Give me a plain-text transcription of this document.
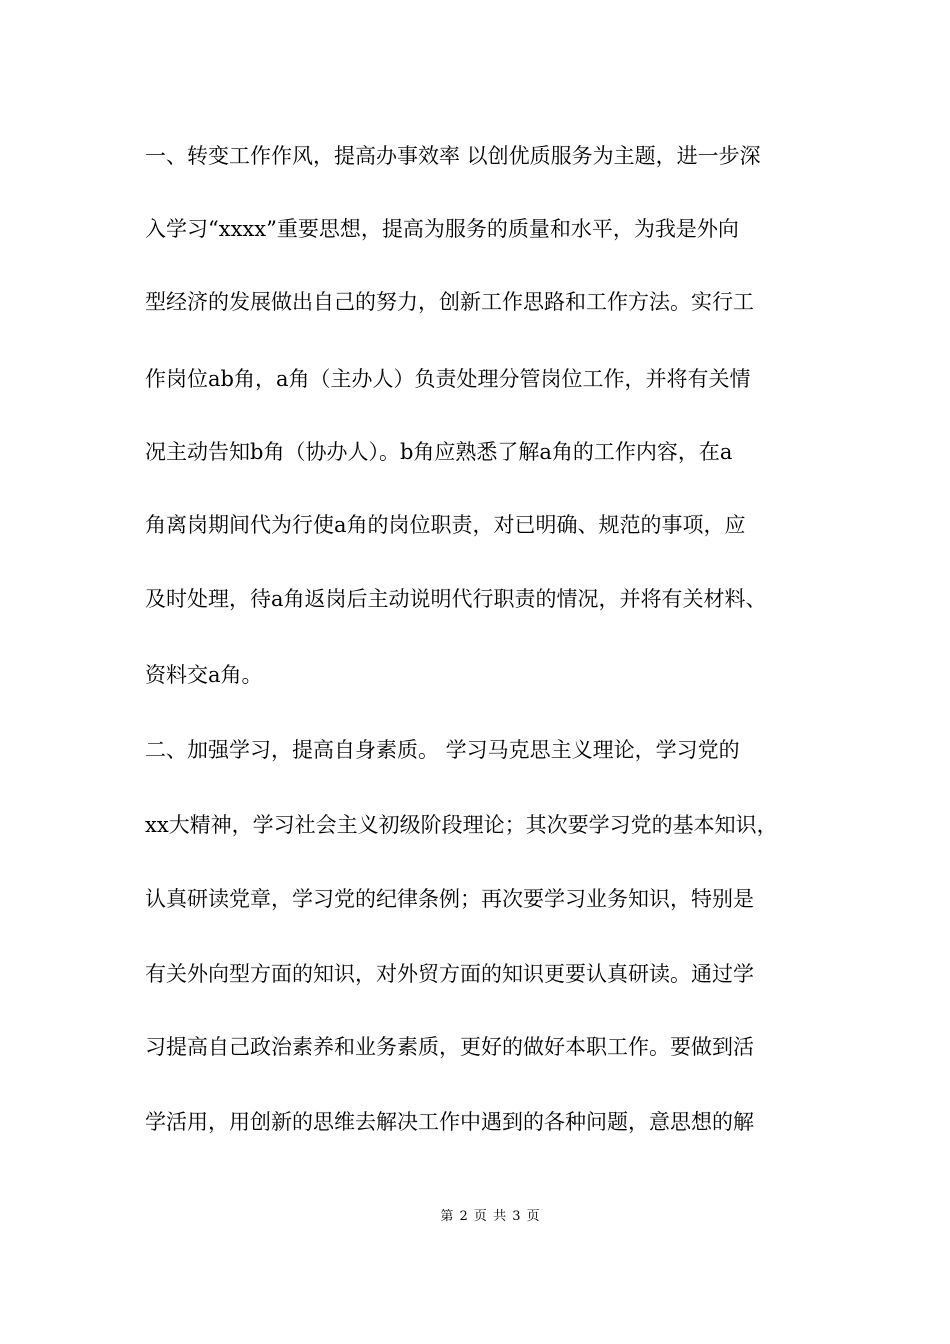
一、转变工作作风，提高办事效率 以创优质服务为主题，进一步深
入学习“xxxx”重要思想，提高为服务的质量和水平，为我是外向
型经济的发展做出自己的努力，创新工作思路和工作方法。实行工
作岗位ab角，a角（主办人）负责处理分管岗位工作，并将有关情
况主动告知b角（协办人）。b角应熟悉了解a角的工作内容，在a
角离岗期间代为行使a角的岗位职责，对已明确、规范的事项，应
及时处理，待a角返岗后主动说明代行职责的情况，并将有关材料、
资料交a角。
二、加强学习，提高自身素质。 学习马克思主义理论，学习党的
xx大精神，学习社会主义初级阶段理论；其次要学习党的基本知识，
认真研读党章，学习党的纪律条例；再次要学习业务知识，特别是
有关外向型方面的知识，对外贸方面的知识更要认真研读。通过学
习提高自己政治素养和业务素质，更好的做好本职工作。要做到活
学活用，用创新的思维去解决工作中遇到的各种问题，意思想的解
第 2 页 共 3 页
